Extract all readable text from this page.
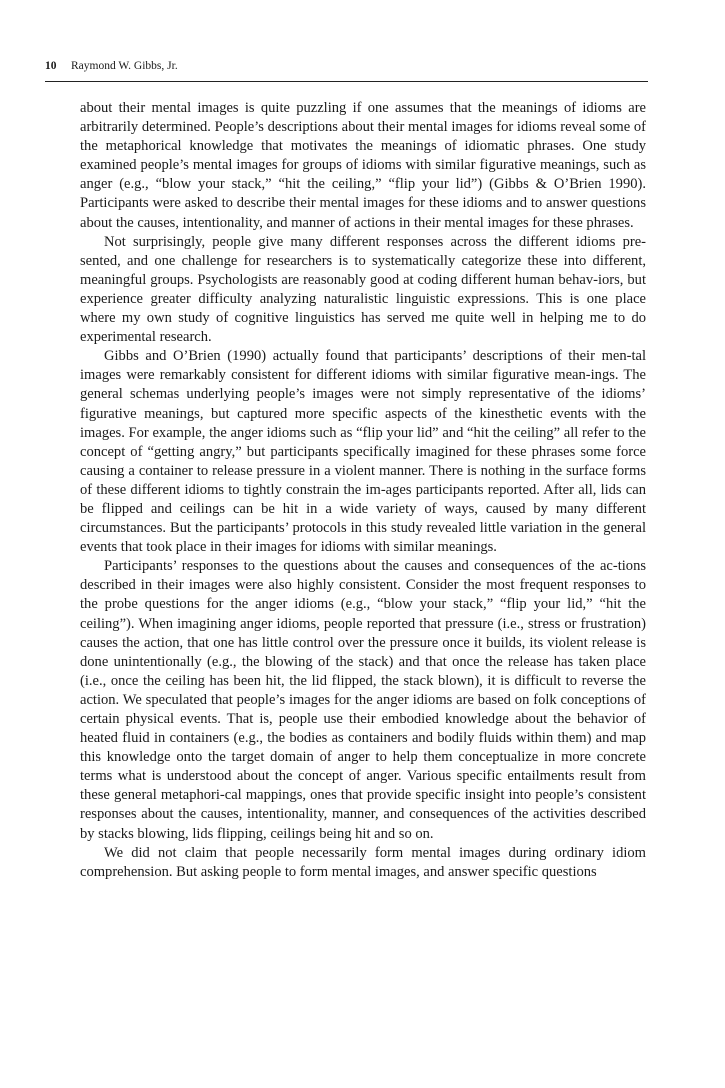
10 Raymond W. Gibbs, Jr.

about their mental images is quite puzzling if one assumes that the meanings of idioms are arbitrarily determined. People’s descriptions about their mental images for idioms reveal some of the metaphorical knowledge that motivates the meanings of idiomatic phrases. One study examined people’s mental images for groups of idioms with similar figurative meanings, such as anger (e.g., “blow your stack,” “hit the ceiling,” “flip your lid”) (Gibbs & O’Brien 1990). Participants were asked to describe their mental images for these idioms and to answer questions about the causes, intentionality, and manner of actions in their mental images for these phrases.

Not surprisingly, people give many different responses across the different idioms pre-sented, and one challenge for researchers is to systematically categorize these into different, meaningful groups. Psychologists are reasonably good at coding different human behav-iors, but experience greater difficulty analyzing naturalistic linguistic expressions. This is one place where my own study of cognitive linguistics has served me quite well in helping me to do experimental research.

Gibbs and O’Brien (1990) actually found that participants’ descriptions of their men-tal images were remarkably consistent for different idioms with similar figurative mean-ings. The general schemas underlying people’s images were not simply representative of the idioms’ figurative meanings, but captured more specific aspects of the kinesthetic events with the images. For example, the anger idioms such as “flip your lid” and “hit the ceiling” all refer to the concept of “getting angry,” but participants specifically imagined for these phrases some force causing a container to release pressure in a violent manner. There is nothing in the surface forms of these different idioms to tightly constrain the im-ages participants reported. After all, lids can be flipped and ceilings can be hit in a wide variety of ways, caused by many different circumstances. But the participants’ protocols in this study revealed little variation in the general events that took place in their images for idioms with similar meanings.

Participants’ responses to the questions about the causes and consequences of the ac-tions described in their images were also highly consistent. Consider the most frequent responses to the probe questions for the anger idioms (e.g., “blow your stack,” “flip your lid,” “hit the ceiling”). When imagining anger idioms, people reported that pressure (i.e., stress or frustration) causes the action, that one has little control over the pressure once it builds, its violent release is done unintentionally (e.g., the blowing of the stack) and that once the release has taken place (i.e., once the ceiling has been hit, the lid flipped, the stack blown), it is difficult to reverse the action. We speculated that people’s images for the anger idioms are based on folk conceptions of certain physical events. That is, people use their embodied knowledge about the behavior of heated fluid in containers (e.g., the bodies as containers and bodily fluids within them) and map this knowledge onto the target domain of anger to help them conceptualize in more concrete terms what is understood about the concept of anger. Various specific entailments result from these general metaphori-cal mappings, ones that provide specific insight into people’s consistent responses about the causes, intentionality, manner, and consequences of the activities described by stacks blowing, lids flipping, ceilings being hit and so on.

We did not claim that people necessarily form mental images during ordinary idiom comprehension. But asking people to form mental images, and answer specific questions
